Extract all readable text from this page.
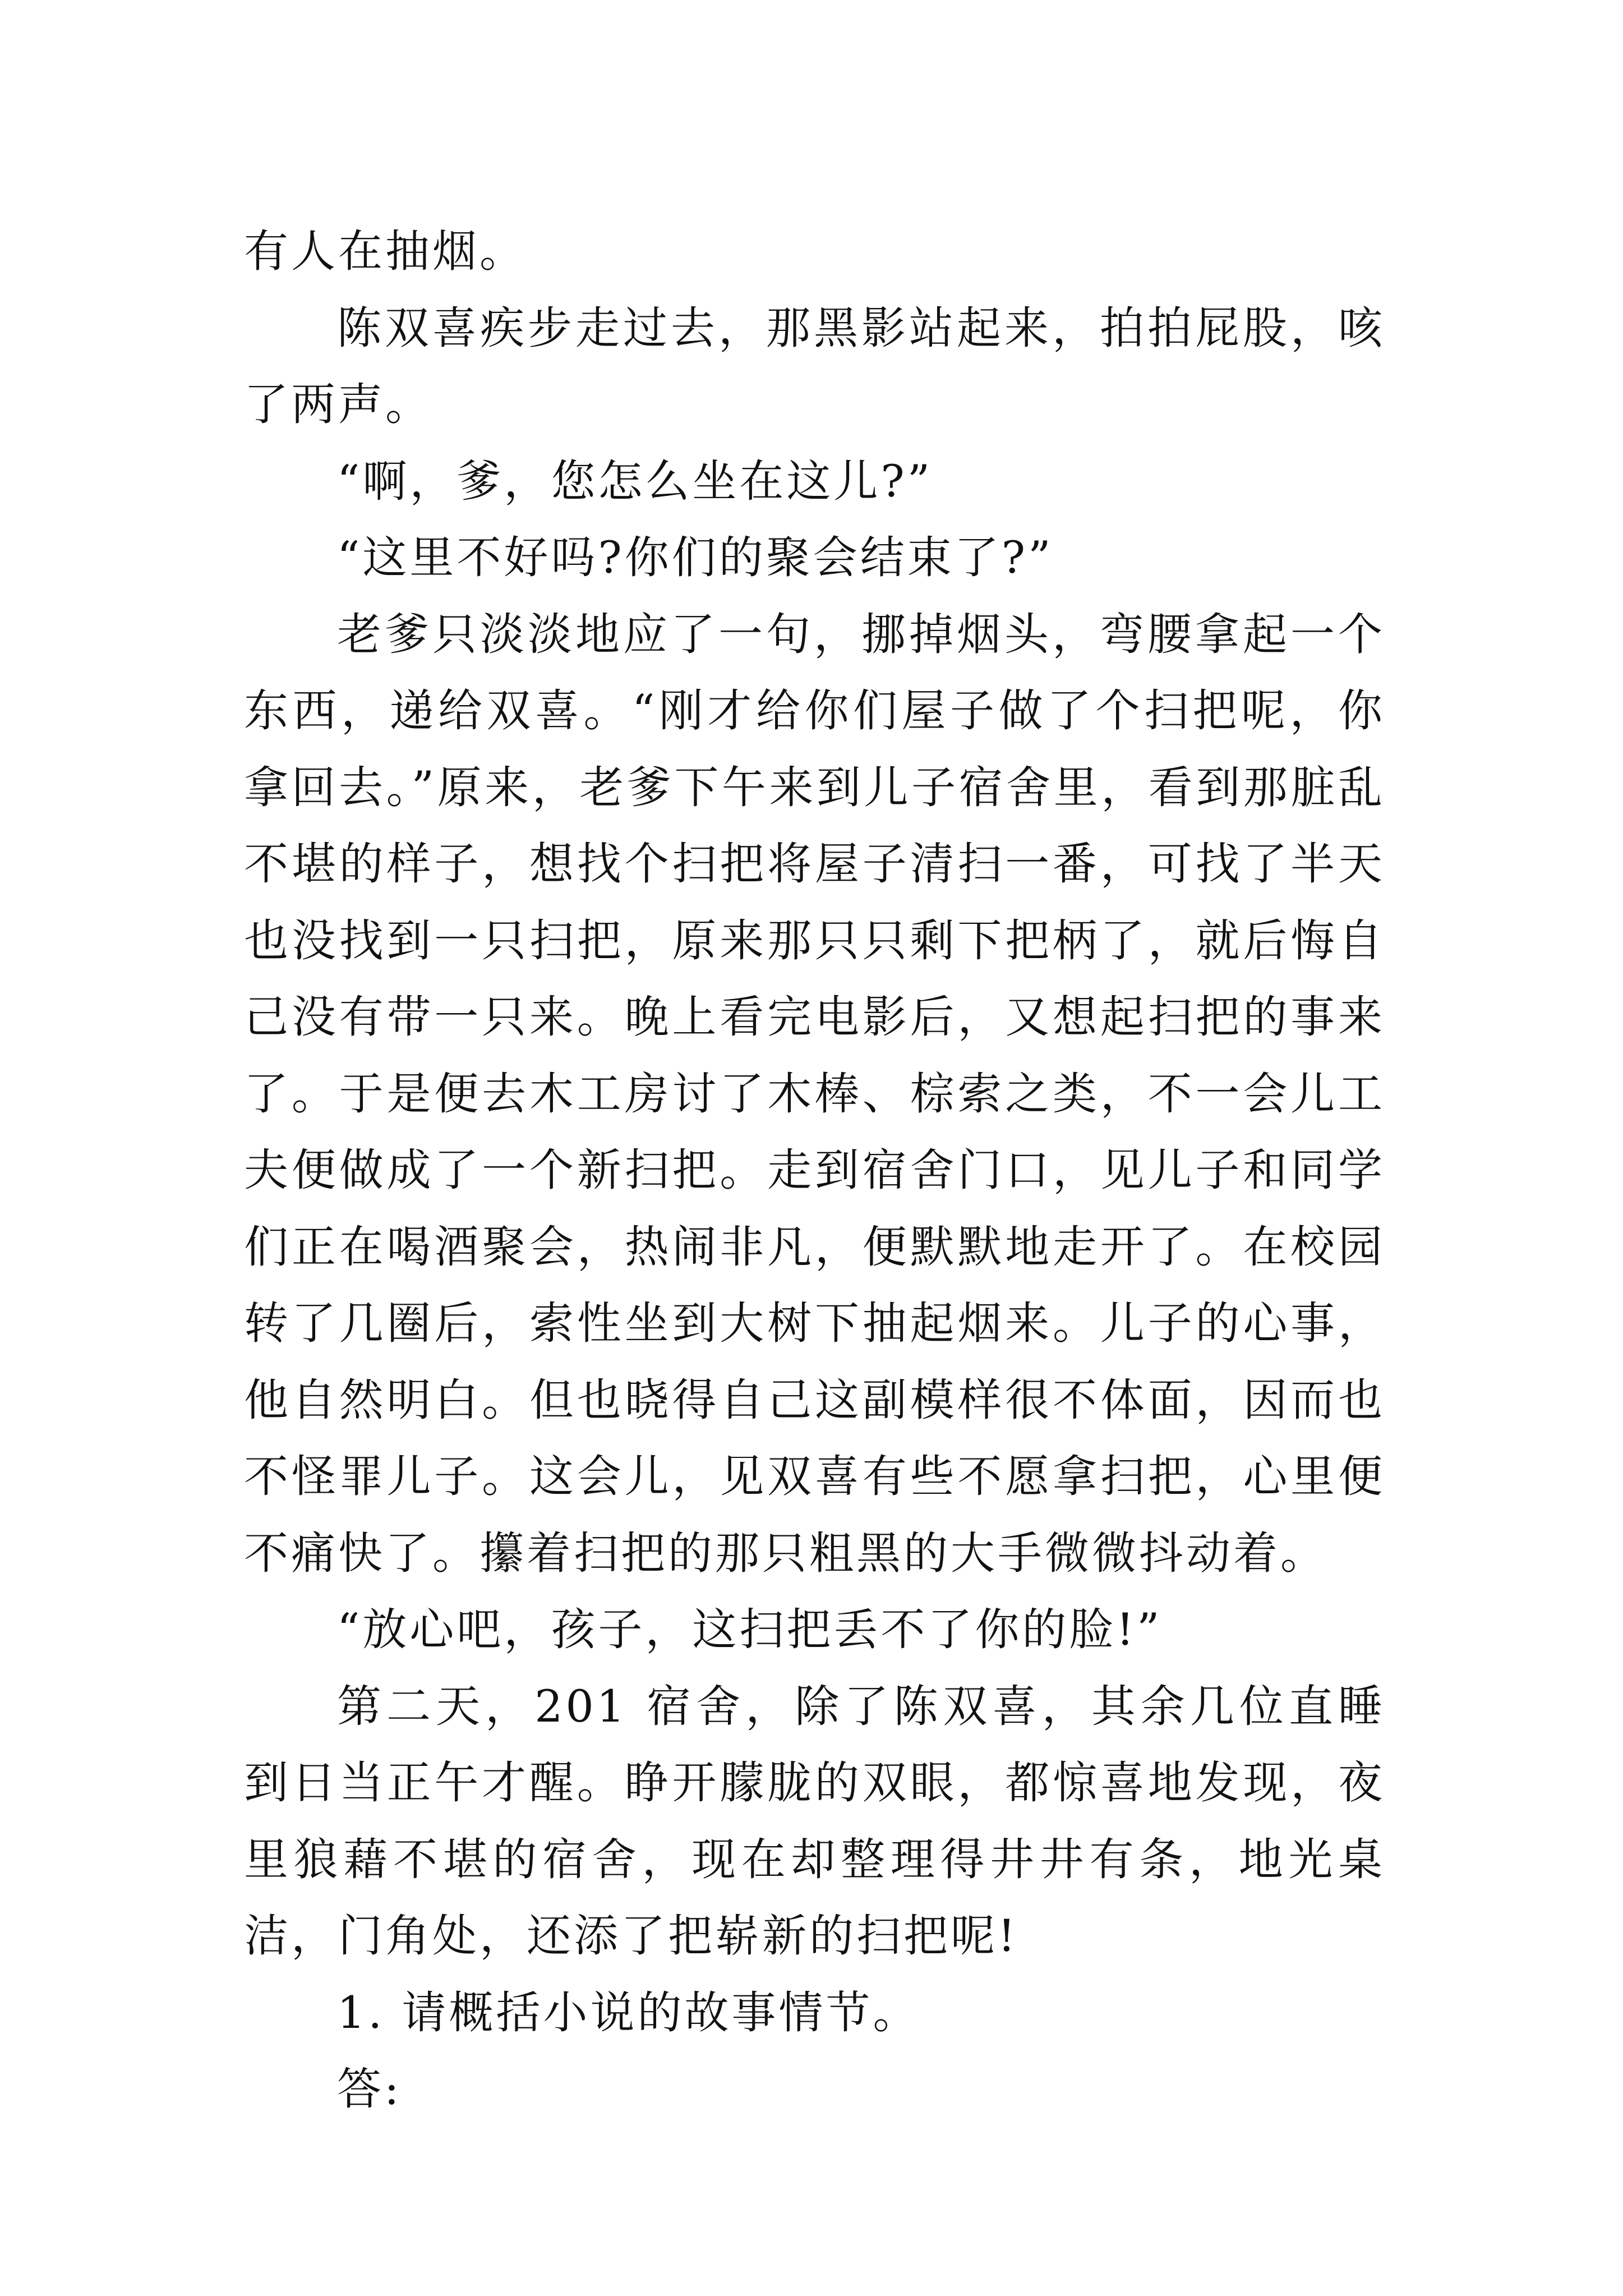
有人在抽烟。

陈双喜疾步走过去，那黑影站起来，拍拍屁股，咳了两声。

“啊，爹，您怎么坐在这儿?”

“这里不好吗?你们的聚会结束了?”

老爹只淡淡地应了一句，挪掉烟头，弯腰拿起一个东西，递给双喜。“刚才给你们屋子做了个扫把呢，你拿回去。”原来，老爹下午来到儿子宿舍里，看到那脏乱不堪的样子，想找个扫把将屋子清扫一番，可找了半天也没找到一只扫把，原来那只只剩下把柄了，就后悔自己没有带一只来。晚上看完电影后，又想起扫把的事来了。于是便去木工房讨了木棒、棕索之类，不一会儿工夫便做成了一个新扫把。走到宿舍门口，见儿子和同学们正在喝酒聚会，热闹非凡，便默默地走开了。在校园转了几圈后，索性坐到大树下抽起烟来。儿子的心事，他自然明白。但也晓得自己这副模样很不体面，因而也不怪罪儿子。这会儿，见双喜有些不愿拿扫把，心里便不痛快了。攥着扫把的那只粗黑的大手微微抖动着。

“放心吧，孩子，这扫把丢不了你的脸!”

第二天，201 宿舍，除了陈双喜，其余几位直睡到日当正午才醒。睁开朦胧的双眼，都惊喜地发现，夜里狼藉不堪的宿舍，现在却整理得井井有条，地光桌洁，门角处，还添了把崭新的扫把呢!

1. 请概括小说的故事情节。

答:
